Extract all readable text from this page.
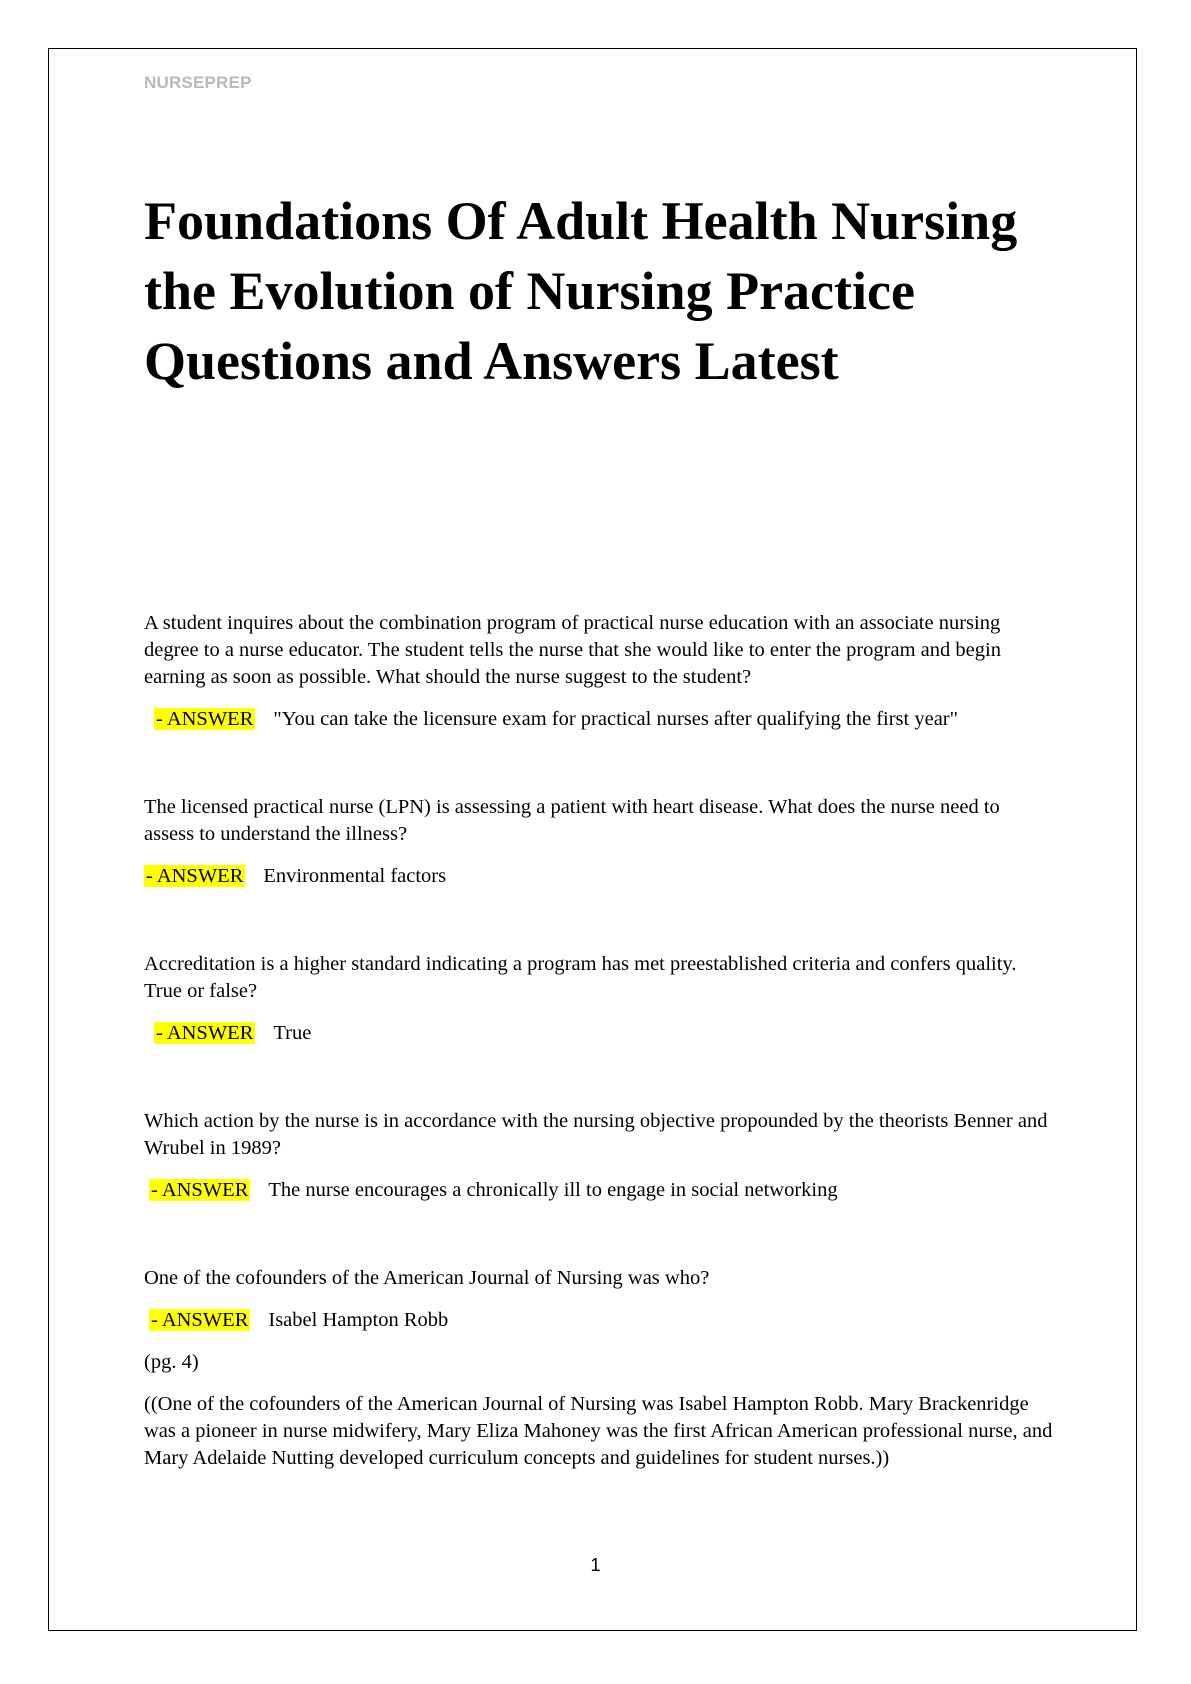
NURSEPREP
Foundations Of Adult Health Nursing the Evolution of Nursing Practice Questions and Answers Latest

A student inquires about the combination program of practical nurse education with an associate nursing degree to a nurse educator. The student tells the nurse that she would like to enter the program and begin earning as soon as possible. What should the nurse suggest to the student?

- ANSWER "You can take the licensure exam for practical nurses after qualifying the first year"

The licensed practical nurse (LPN) is assessing a patient with heart disease. What does the nurse need to assess to understand the illness?

- ANSWER Environmental factors

Accreditation is a higher standard indicating a program has met preestablished criteria and confers quality. True or false?

- ANSWER True

Which action by the nurse is in accordance with the nursing objective propounded by the theorists Benner and Wrubel in 1989?

- ANSWER The nurse encourages a chronically ill to engage in social networking

One of the cofounders of the American Journal of Nursing was who?

- ANSWER Isabel Hampton Robb

(pg. 4)

((One of the cofounders of the American Journal of Nursing was Isabel Hampton Robb. Mary Brackenridge was a pioneer in nurse midwifery, Mary Eliza Mahoney was the first African American professional nurse, and Mary Adelaide Nutting developed curriculum concepts and guidelines for student nurses.))

1
